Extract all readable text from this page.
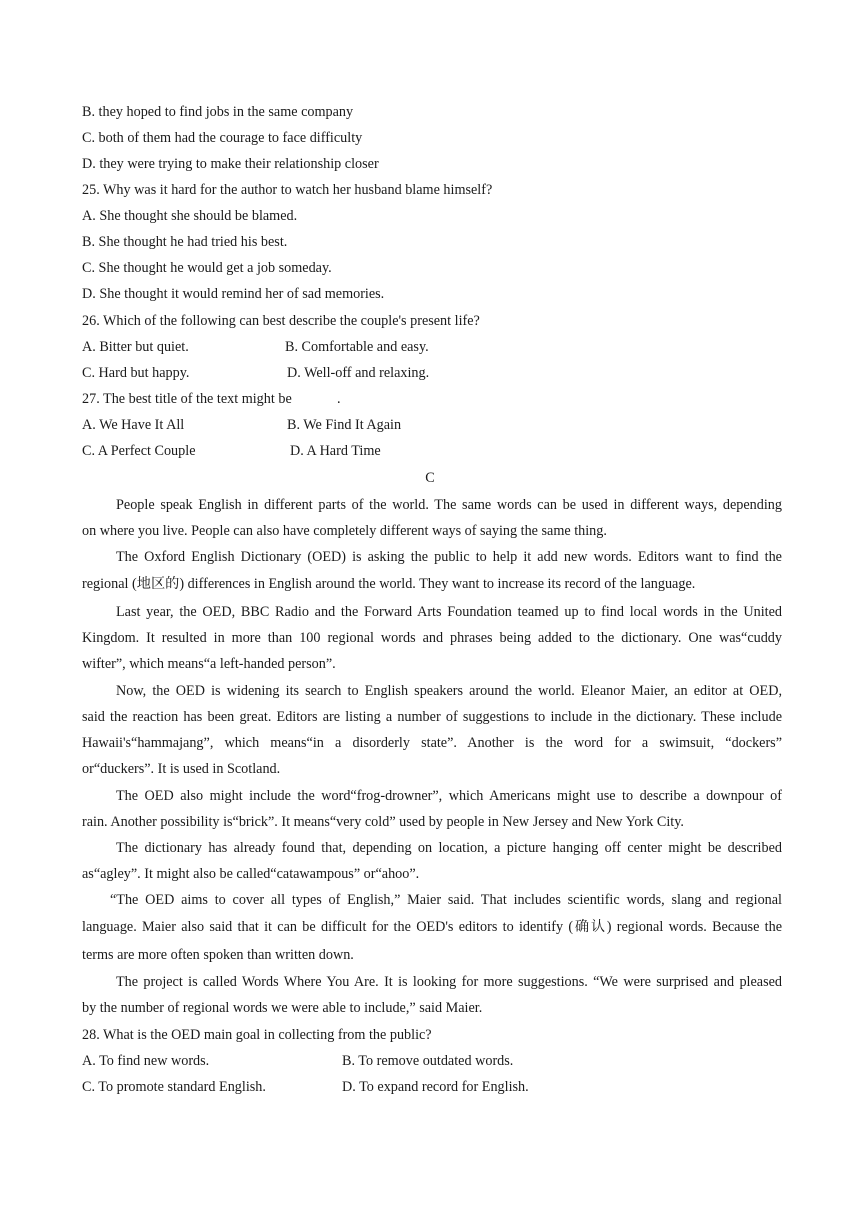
B. they hoped to find jobs in the same company
C. both of them had the courage to face difficulty
D. they were trying to make their relationship closer
25. Why was it hard for the author to watch her husband blame himself?
A. She thought she should be blamed.
B. She thought he had tried his best.
C. She thought he would get a job someday.
D. She thought it would remind her of sad memories.
26. Which of the following can best describe the couple's present life?
A. Bitter but quiet.	B. Comfortable and easy.
C. Hard but happy.	D. Well-off and relaxing.
27. The best title of the text might be	.
A. We Have It All	B. We Find It Again
C. A Perfect Couple	D. A Hard Time
C
People speak English in different parts of the world. The same words can be used in different ways, depending
on where you live. People can also have completely different ways of saying the same thing.
The Oxford English Dictionary (OED) is asking the public to help it add new words. Editors want to find the
regional (地区的) differences in English around the world. They want to increase its record of the language.
Last year, the OED, BBC Radio and the Forward Arts Foundation teamed up to find local words in the United
Kingdom. It resulted in more than 100 regional words and phrases being added to the dictionary. One was“cuddy
wifter”, which means“a left-handed person”.
Now, the OED is widening its search to English speakers around the world. Eleanor Maier, an editor at OED,
said the reaction has been great. Editors are listing a number of suggestions to include in the dictionary. These include
Hawaii's“hammajang”, which means“in a disorderly state”. Another is the word for a swimsuit, “dockers”
or“duckers”. It is used in Scotland.
The OED also might include the word“frog-drowner”, which Americans might use to describe a downpour of
rain. Another possibility is“brick”. It means“very cold” used by people in New Jersey and New York City.
The dictionary has already found that, depending on location, a picture hanging off center might be described
as“agley”. It might also be called“catawampous” or“ahoo”.
“The OED aims to cover all types of English,” Maier said. That includes scientific words, slang and regional
language. Maier also said that it can be difficult for the OED's editors to identify (确认) regional words. Because the
terms are more often spoken than written down.
The project is called Words Where You Are. It is looking for more suggestions. “We were surprised and pleased
by the number of regional words we were able to include,” said Maier.
28. What is the OED main goal in collecting from the public?
A. To find new words.	B. To remove outdated words.
C. To promote standard English.	D. To expand record for English.
